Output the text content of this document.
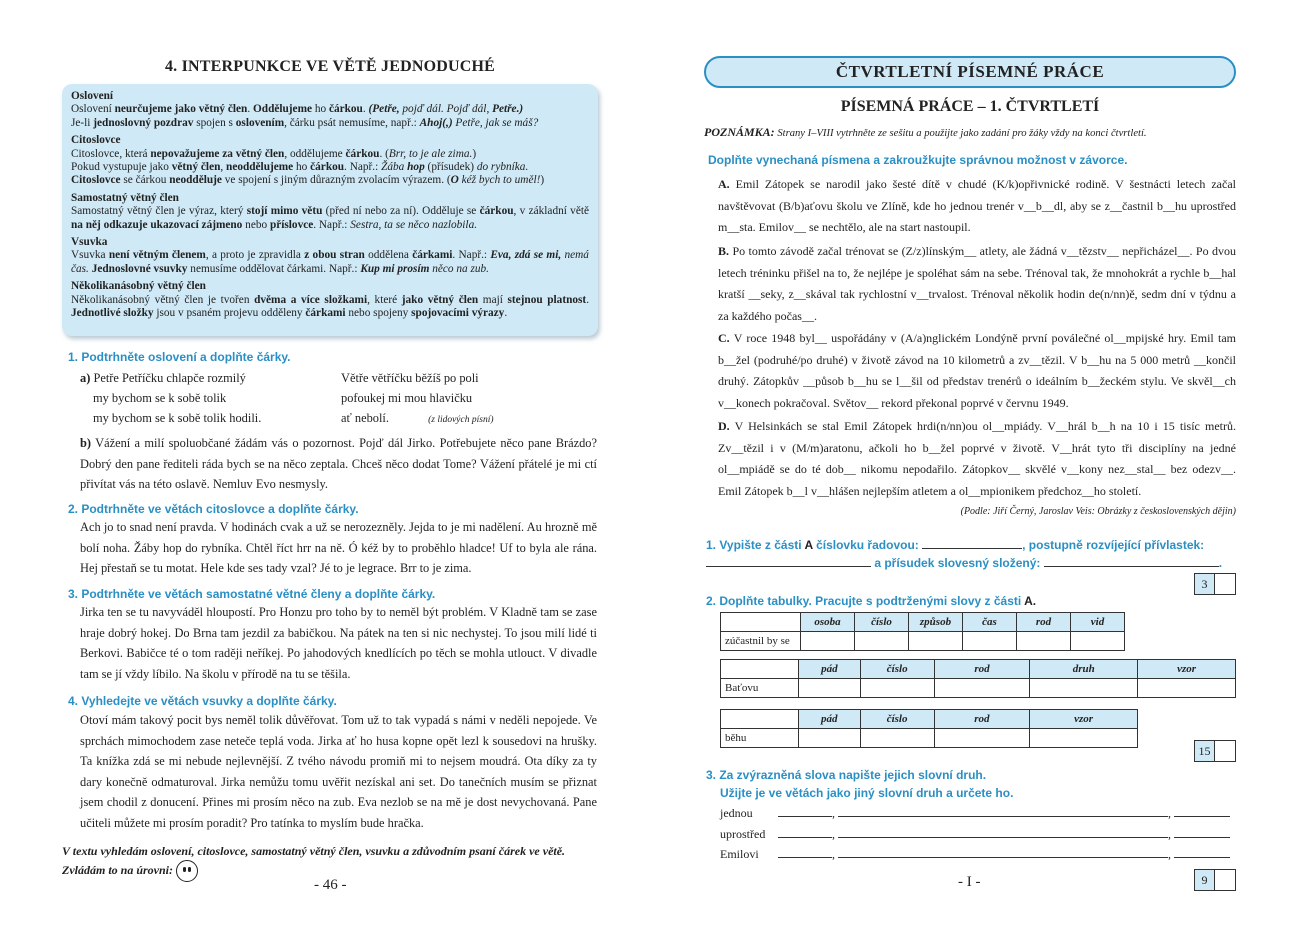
4. INTERPUNKCE VE VĚTĚ JEDNODUCHÉ
Oslovení

Oslovení neurčujeme jako větný člen. Oddělujeme ho čárkou. (Petře, pojď dál. Pojď dál, Petře.)
Je-li jednoslovný pozdrav spojen s oslovením, čárku psát nemusíme, např.: Ahoj(,) Petře, jak se máš?

Citoslovce

Citoslovce, která nepovažujeme za větný člen, oddělujeme čárkou. (Brr, to je ale zima.)
Pokud vystupuje jako větný člen, neoddělujeme ho čárkou. Např.: Žába hop (přísudek) do rybníka.
Citoslovce se čárkou neodděluje ve spojení s jiným důrazným zvolacím výrazem. (O kéž bych to uměl!)

Samostatný větný člen

Samostatný větný člen je výraz, který stojí mimo větu (před ní nebo za ní). Odděluje se čárkou, v základní větě na něj odkazuje ukazovací zájmeno nebo příslovce. Např.: Sestra, ta se něco nazlobila.

Vsuvka

Vsuvka není větným členem, a proto je zpravidla z obou stran oddělena čárkami. Např.: Eva, zdá se mi, nemá čas. Jednoslovné vsuvky nemusíme oddělovat čárkami. Např.: Kup mi prosím něco na zub.

Několikanásobný větný člen

Několikanásobný větný člen je tvořen dvěma a více složkami, které jako větný člen mají stejnou platnost. Jednotlivé složky jsou v psaném projevu odděleny čárkami nebo spojeny spojovacími výrazy.

1. Podtrhněte oslovení a doplňte čárky.
a) Petře Petříčku chlapče rozmilý
my bychom se k sobě tolik
my bychom se k sobě tolik hodili.
Větře větříčku běžíš po poli
pofoukej mi mou hlavičku
ať nebolí.	(z lidových písní)
b) Vážení a milí spoluobčané žádám vás o pozornost. Pojď dál Jirko. Potřebujete něco pane Brázdo? Dobrý den pane řediteli ráda bych se na něco zeptala. Chceš něco dodat Tome? Vážení přátelé je mi ctí přivítat vás na této oslavě. Nemluv Evo nesmysly.
2. Podtrhněte ve větách citoslovce a doplňte čárky.
Ach jo to snad není pravda. V hodinách cvak a už se nerozezněly. Jejda to je mi nadělení. Au hrozně mě bolí noha. Žáby hop do rybníka. Chtěl říct hrr na ně. Ó kéž by to proběhlo hladce! Uf to byla ale rána. Hej přestaň se tu motat. Hele kde ses tady vzal? Jé to je legrace. Brr to je zima.
3. Podtrhněte ve větách samostatné větné členy a doplňte čárky.
Jirka ten se tu navyváděl hloupostí. Pro Honzu pro toho by to neměl být problém. V Kladně tam se zase hraje dobrý hokej. Do Brna tam jezdil za babičkou. Na pátek na ten si nic nechystej. To jsou milí lidé ti Berkovi. Babičce té o tom raději neříkej. Po jahodových knedlících po těch se mohla utlouct. V divadle tam se jí vždy líbilo. Na školu v přírodě na tu se těšila.
4. Vyhledejte ve větách vsuvky a doplňte čárky.
Otoví mám takový pocit bys neměl tolik důvěřovat. Tom už to tak vypadá s námi v neděli nepojede. Ve sprchách mimochodem zase neteče teplá voda. Jirka ať ho husa kopne opět lezl k sousedovi na hrušky. Ta knížka zdá se mi nebude nejlevnější. Z tvého návodu promiň mi to nejsem moudrá. Ota díky za ty dary konečně odmaturoval. Jirka nemůžu tomu uvěřit nezískal ani set. Do tanečních musím se přiznat jsem chodil z donucení. Přines mi prosím něco na zub. Eva nezlob se na mě je dost nevychovaná. Pane učiteli můžete mi prosím poradit? Pro tatínka to myslím bude hračka.
V textu vyhledám oslovení, citoslovce, samostatný větný člen, vsuvku a zdůvodním psaní čárek ve větě.
Zvládám to na úrovni:
- 46 -
ČTVRTLETNÍ PÍSEMNÉ PRÁCE
PÍSEMNÁ PRÁCE – 1. ČTVRTLETÍ
POZNÁMKA: Strany I–VIII vytrhněte ze sešitu a použijte jako zadání pro žáky vždy na konci čtvrtletí.
Doplňte vynechaná písmena a zakroužkujte správnou možnost v závorce.
A. Emil Zátopek se narodil jako šesté dítě v chudé (K/k)opřivnické rodině. V šestnácti letech začal navštěvovat (B/b)aťovu školu ve Zlíně, kde ho jednou trenér v__b__dl, aby se z__častnil b__hu uprostřed m__sta. Emilov__ se nechtělo, ale na start nastoupil.
B. Po tomto závodě začal trénovat se (Z/z)línským__ atlety, ale žádná v__tězstv__ nepřicházel__. Po dvou letech tréninku přišel na to, že nejlépe je spoléhat sám na sebe. Trénoval tak, že mnohokrát a rychle b__hal kratší __seky, z__skával tak rychlostní v__trvalost. Trénoval několik hodin de(n/nn)ě, sedm dní v týdnu a za každého počas__.
C. V roce 1948 byl__ uspořádány v (A/a)nglickém Londýně první poválečné ol__mpijské hry. Emil tam b__žel (podruhé/po druhé) v životě závod na 10 kilometrů a zv__tězil. V b__hu na 5 000 metrů __končil druhý. Zátopkův __působ b__hu se l__šil od představ trenérů o ideálním b__žeckém stylu. Ve skvěl__ch v__konech pokračoval. Světov__ rekord překonal poprvé v červnu 1949.
D. V Helsinkách se stal Emil Zátopek hrdi(n/nn)ou ol__mpiády. V__hrál b__h na 10 i 15 tisíc metrů. Zv__tězil i v (M/m)aratonu, ačkoli ho b__žel poprvé v životě. V__hrát tyto tři disciplíny na jedné ol__mpiádě se do té dob__ nikomu nepodařilo. Zátopkov__ skvělé v__kony nez__stal__ bez odezv__. Emil Zátopek b__l v__hlášen nejlepším atletem a ol__mpionikem předchoz__ho století.
(Podle: Jiří Černý, Jaroslav Veis: Obrázky z československých dějin)
1. Vypište z části A číslovku řadovou:	, postupně rozvíjející přívlastek:
a přísudek slovesný složený:	.
3
2. Doplňte tabulky. Pracujte s podtrženými slovy z části A.
	osoba	číslo	způsob	čas	rod	vid
zúčastnil by se						
	pád	číslo	rod	druh	vzor
Baťovu					
	pád	číslo	rod	vzor
běhu				
15
3. Za zvýrazněná slova napište jejich slovní druh.
Užijte je ve větách jako jiný slovní druh a určete ho.
jednou	,	,
uprostřed	,	,
Emilovi	,	,
9
- I -
